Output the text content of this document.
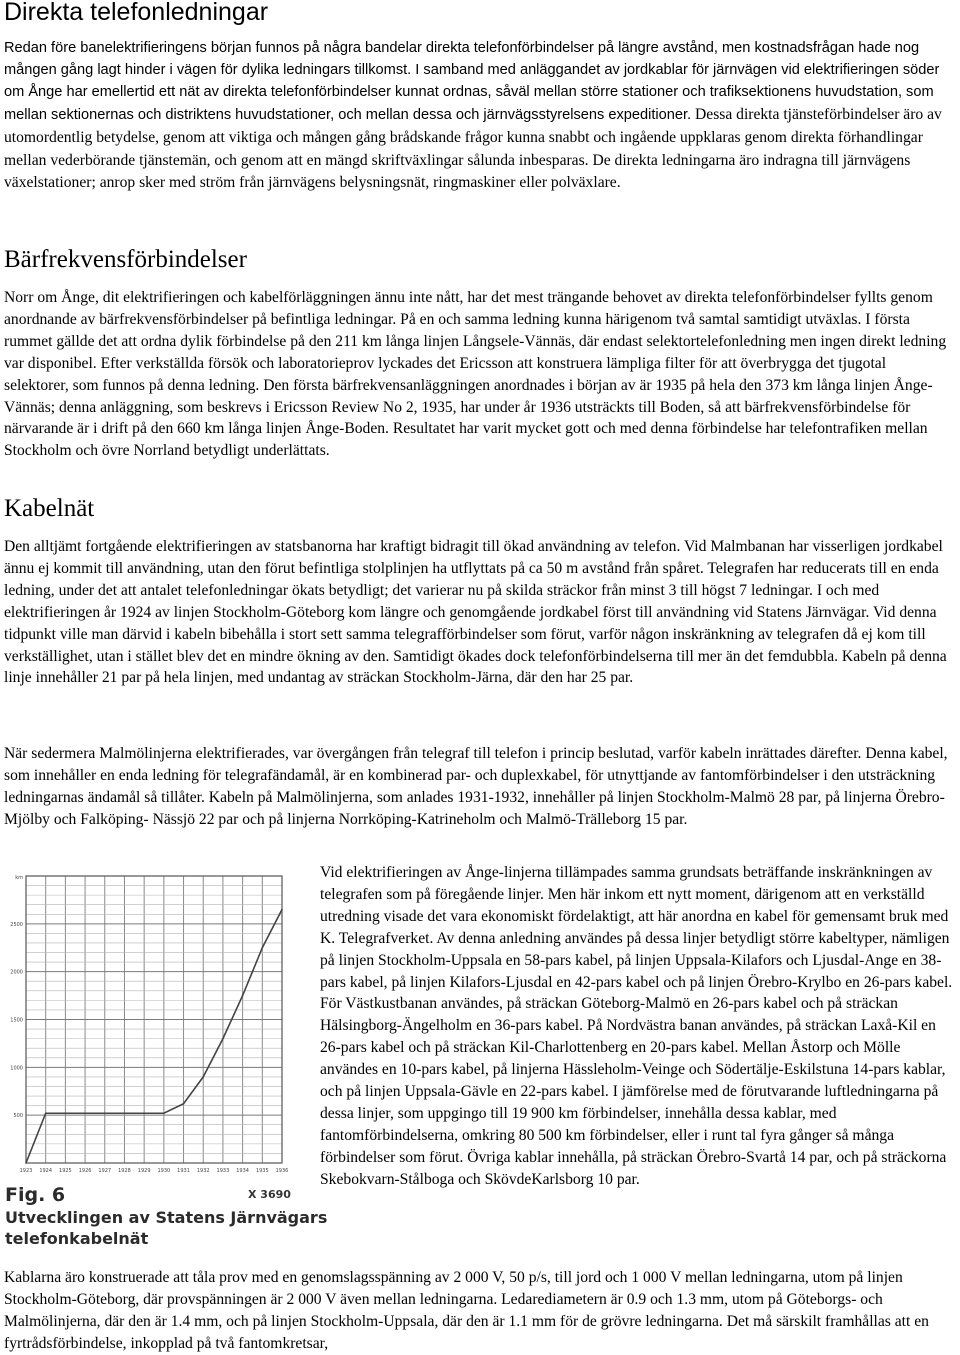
Direkta telefonledningar

Redan före banelektrifieringens början funnos på några bandelar direkta telefonförbindelser på längre avstånd, men kostnadsfrågan hade nog mången gång lagt hinder i vägen för dylika ledningars tillkomst. I samband med anläggandet av jordkablar för järnvägen vid elektrifieringen söder om Ånge har emellertid ett nät av direkta telefonförbindelser kunnat ordnas, såväl mellan större stationer och trafiksektionens huvudstation, som mellan sektionernas och distriktens huvudstationer, och mellan dessa och järnvägsstyrelsens expeditioner. Dessa direkta tjänsteförbindelser äro av utomordentlig betydelse, genom att viktiga och mången gång brådskande frågor kunna snabbt och ingående uppklaras genom direkta förhandlingar mellan vederbörande tjänstemän, och genom att en mängd skriftväxlingar sålunda inbesparas. De direkta ledningarna äro indragna till järnvägens växelstationer; anrop sker med ström från järnvägens belysningsnät, ringmaskiner eller polväxlare.

Bärfrekvensförbindelser

Norr om Ånge, dit elektrifieringen och kabelförläggningen ännu inte nått, har det mest trängande behovet av direkta telefonförbindelser fyllts genom anordnande av bärfrekvensförbindelser på befintliga ledningar. På en och samma ledning kunna härigenom två samtal samtidigt utväxlas. I första rummet gällde det att ordna dylik förbindelse på den 211 km långa linjen Långsele-Vännäs, där endast selektortelefonledning men ingen direkt ledning var disponibel. Efter verkställda försök och laboratorieprov lyckades det Ericsson att konstruera lämpliga filter för att överbrygga det tjugotal selektorer, som funnos på denna ledning. Den första bärfrekvensanläggningen anordnades i början av är 1935 på hela den 373 km långa linjen Ånge-Vännäs; denna anläggning, som beskrevs i Ericsson Review No 2, 1935, har under år 1936 utsträckts till Boden, så att bärfrekvensförbindelse för närvarande är i drift på den 660 km långa linjen Ånge-Boden. Resultatet har varit mycket gott och med denna förbindelse har telefontrafiken mellan Stockholm och övre Norrland betydligt underlättats.

Kabelnät

Den alltjämt fortgående elektrifieringen av statsbanorna har kraftigt bidragit till ökad användning av telefon. Vid Malmbanan har visserligen jordkabel ännu ej kommit till användning, utan den förut befintliga stolplinjen ha utflyttats på ca 50 m avstånd från spåret. Telegrafen har reducerats till en enda ledning, under det att antalet telefonledningar ökats betydligt; det varierar nu på skilda sträckor från minst 3 till högst 7 ledningar. I och med elektrifieringen år 1924 av linjen Stockholm-Göteborg kom längre och genomgående jordkabel först till användning vid Statens Järnvägar. Vid denna tidpunkt ville man därvid i kabeln bibehålla i stort sett samma telegrafförbindelser som förut, varför någon inskränkning av telegrafen då ej kom till verkställighet, utan i stället blev det en mindre ökning av den. Samtidigt ökades dock telefonförbindelserna till mer än det femdubbla. Kabeln på denna linje innehåller 21 par på hela linjen, med undantag av sträckan Stockholm-Järna, där den har 25 par.

När sedermera Malmölinjerna elektrifierades, var övergången från telegraf till telefon i princip beslutad, varför kabeln inrättades därefter. Denna kabel, som innehåller en enda ledning för telegrafändamål, är en kombinerad par- och duplexkabel, för utnyttjande av fantomförbindelser i den utsträckning ledningarnas ändamål så tillåter. Kabeln på Malmölinjerna, som anlades 1931-1932, innehåller på linjen Stockholm-Malmö 28 par, på linjerna Örebro-Mjölby och Falköping- Nässjö 22 par och på linjerna Norrköping-Katrineholm och Malmö-Trälleborg 15 par.

500
1000
1500
2000
2500
km
1923 1924 1925 1926 1927 1928 1929 1930 1931 1932 1933 1934 1935 1936
Fig. 6	X 3690
Utvecklingen av Statens Järnvägars
telefonkabelnät

Vid elektrifieringen av Ånge-linjerna tillämpades samma grundsats beträffande inskränkningen av telegrafen som på föregående linjer. Men här inkom ett nytt moment, därigenom att en verkställd utredning visade det vara ekonomiskt fördelaktigt, att här anordna en kabel för gemensamt bruk med K. Telegrafverket. Av denna anledning användes på dessa linjer betydligt större kabeltyper, nämligen på linjen Stockholm-Uppsala en 58-pars kabel, på linjen Uppsala-Kilafors och Ljusdal-Ange en 38-pars kabel, på linjen Kilafors-Ljusdal en 42-pars kabel och på linjen Örebro-Krylbo en 26-pars kabel. För Västkustbanan användes, på sträckan Göteborg-Malmö en 26-pars kabel och på sträckan Hälsingborg-Ängelholm en 36-pars kabel. På Nordvästra banan användes, på sträckan Laxå-Kil en 26-pars kabel och på sträckan Kil-Charlottenberg en 20-pars kabel. Mellan Åstorp och Mölle användes en 10-pars kabel, på linjerna Hässleholm-Veinge och Södertälje-Eskilstuna 14-pars kablar, och på linjen Uppsala-Gävle en 22-pars kabel. I jämförelse med de förutvarande luftledningarna på dessa linjer, som uppgingo till 19 900 km förbindelser, innehålla dessa kablar, med fantomförbindelserna, omkring 80 500 km förbindelser, eller i runt tal fyra gånger så många förbindelser som förut. Övriga kablar innehålla, på sträckan Örebro-Svartå 14 par, och på sträckorna Skebokvarn-Stålboga och SkövdeKarlsborg 10 par.

Kablarna äro konstruerade att tåla prov med en genomslagsspänning av 2 000 V, 50 p/s, till jord och 1 000 V mellan ledningarna, utom på linjen Stockholm-Göteborg, där provspänningen är 2 000 V även mellan ledningarna. Ledarediametern är 0.9 och 1.3 mm, utom på Göteborgs- och Malmölinjerna, där den är 1.4 mm, och på linjen Stockholm-Uppsala, där den är 1.1 mm för de grövre ledningarna. Det må särskilt framhållas att en fyrtrådsförbindelse, inkopplad på två fantomkretsar,
